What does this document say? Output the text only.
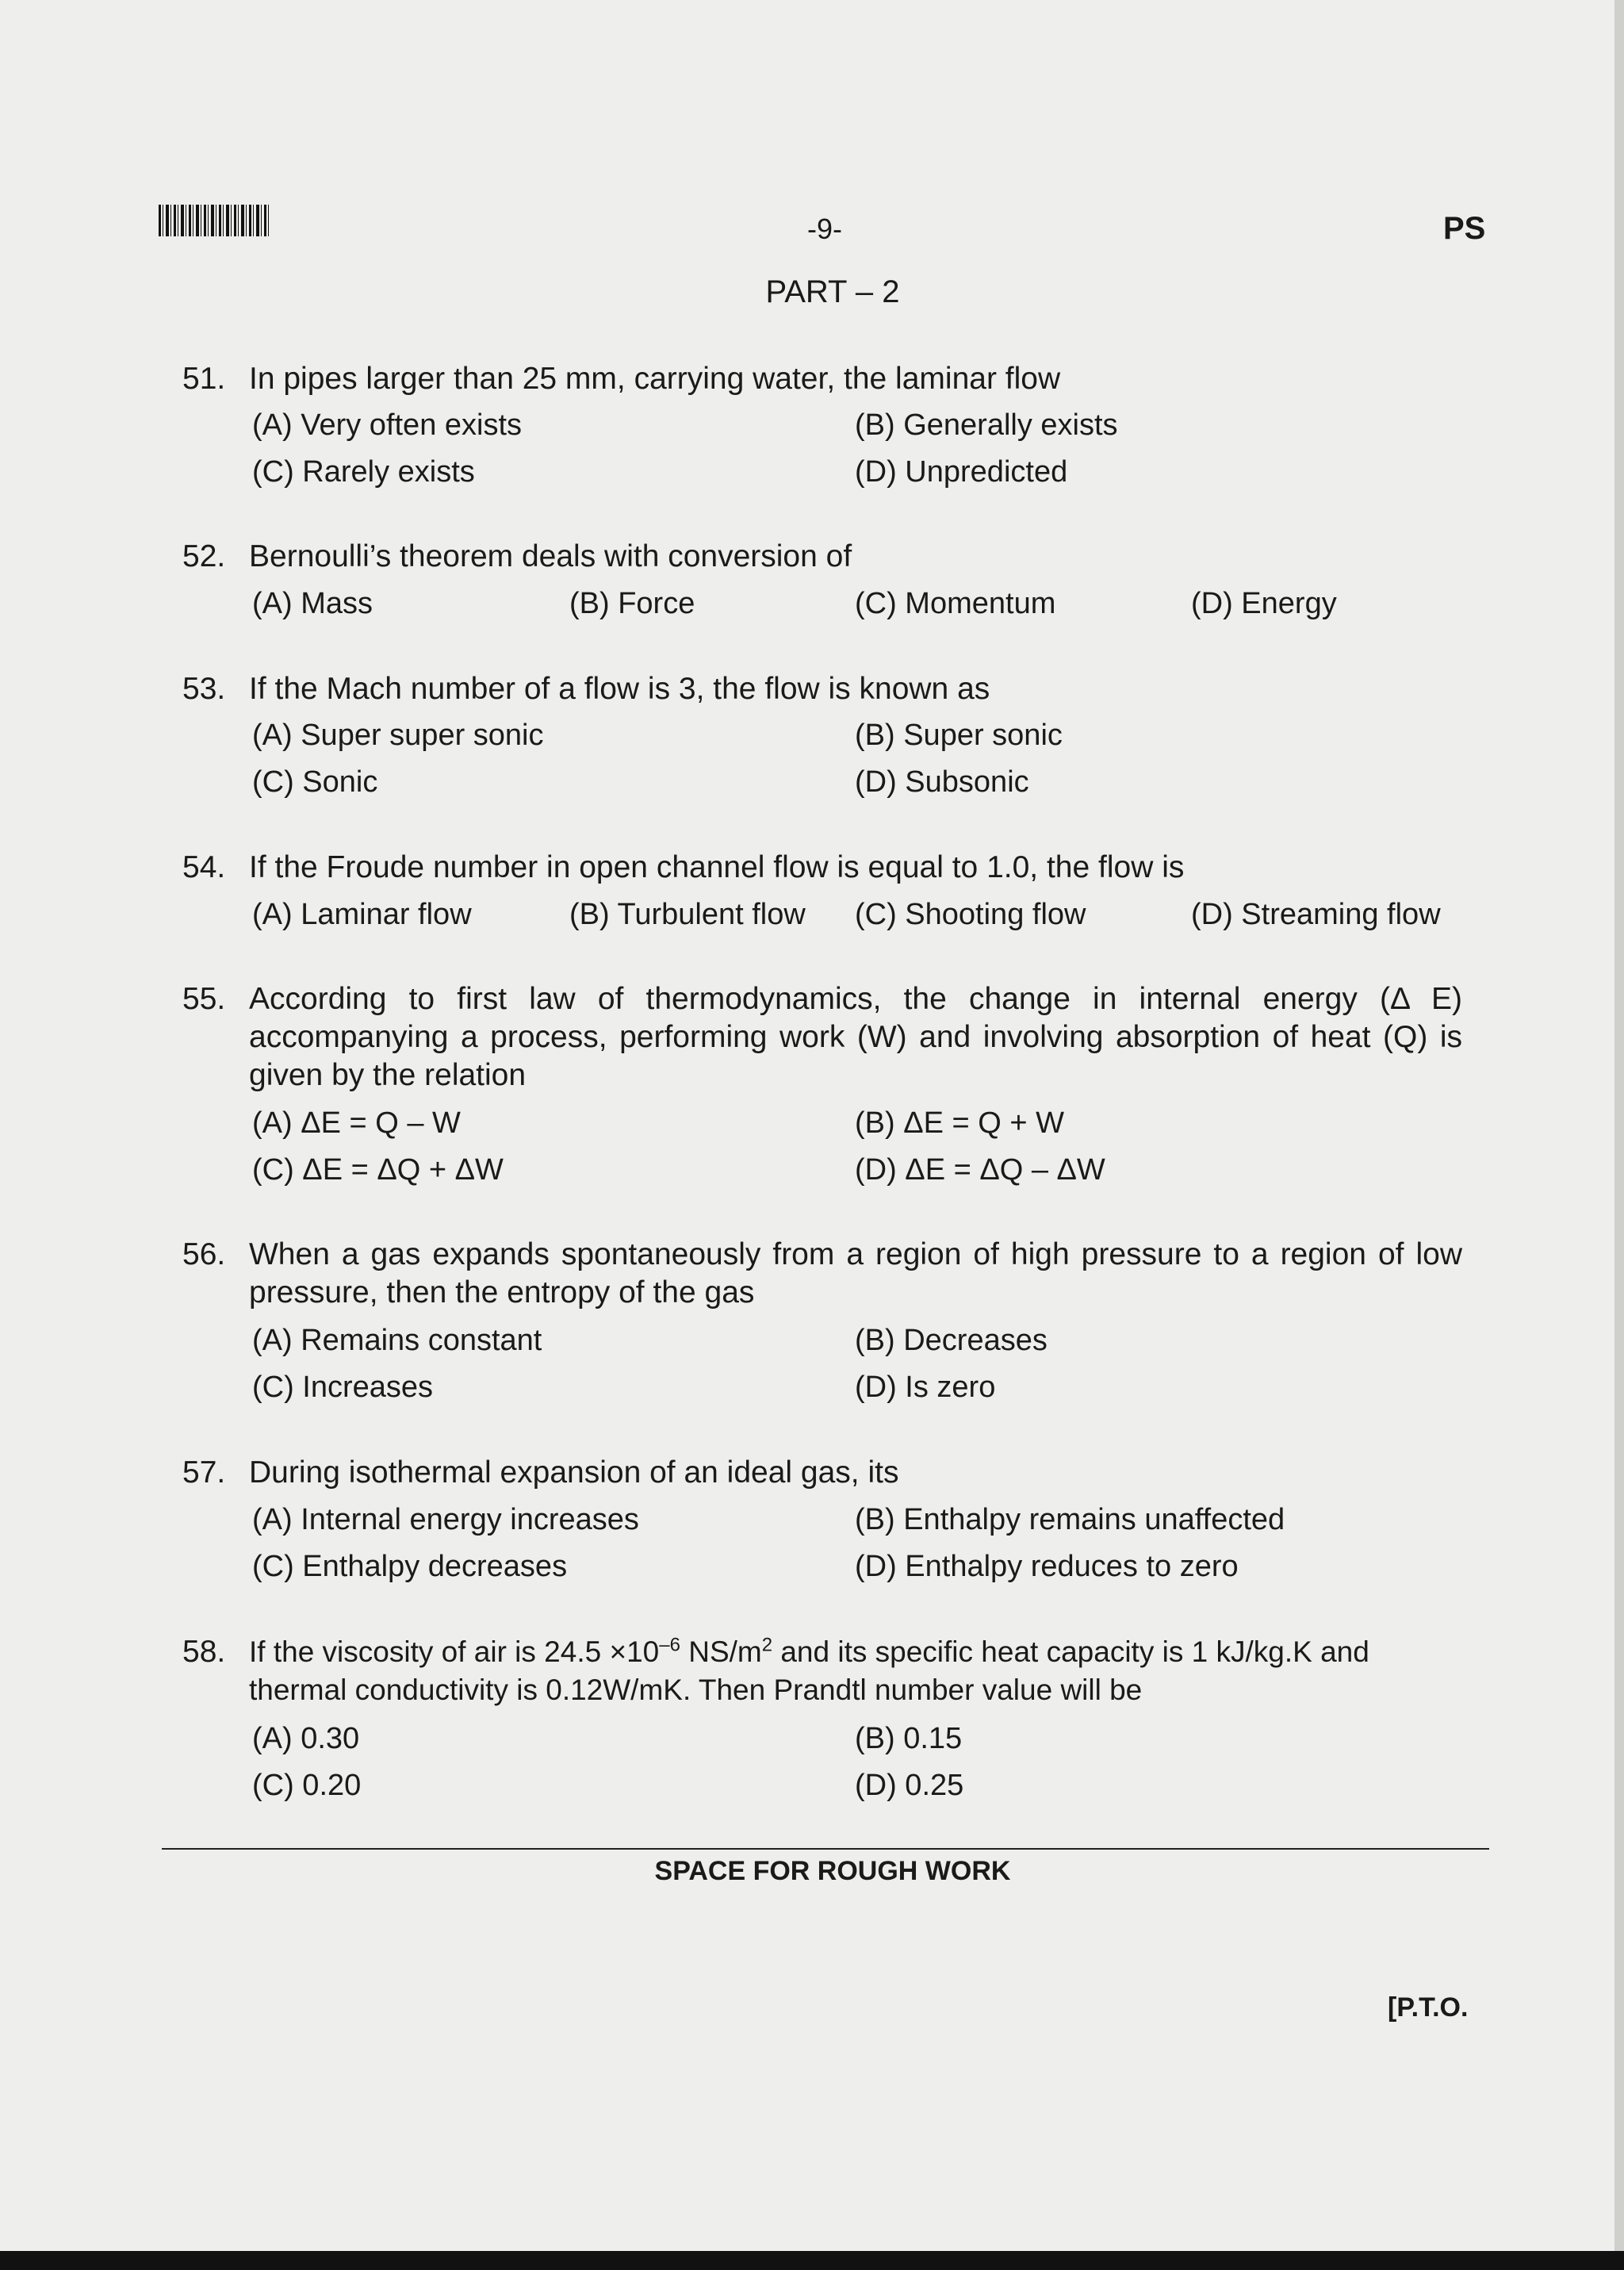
-9-	PS
PART – 2
51. In pipes larger than 25 mm, carrying water, the laminar flow
(A) Very often exists	(B) Generally exists
(C) Rarely exists	(D) Unpredicted
52. Bernoulli’s theorem deals with conversion of
(A) Mass	(B) Force	(C) Momentum	(D) Energy
53. If the Mach number of a flow is 3, the flow is known as
(A) Super super sonic	(B) Super sonic
(C) Sonic	(D) Subsonic
54. If the Froude number in open channel flow is equal to 1.0, the flow is
(A) Laminar flow	(B) Turbulent flow (C) Shooting flow	(D) Streaming flow
55. According to first law of thermodynamics, the change in internal energy (Δ E) accompanying a process, performing work (W) and involving absorption of heat (Q) is given by the relation
(A) ΔE = Q – W	(B) ΔE = Q + W
(C) ΔE = ΔQ + ΔW	(D) ΔE = ΔQ – ΔW
56. When a gas expands spontaneously from a region of high pressure to a region of low pressure, then the entropy of the gas
(A) Remains constant	(B) Decreases
(C) Increases	(D) Is zero
57. During isothermal expansion of an ideal gas, its
(A) Internal energy increases	(B) Enthalpy remains unaffected
(C) Enthalpy decreases	(D) Enthalpy reduces to zero
58. If the viscosity of air is $24.5 \times 10^{-6}$ $NS/m^2$ and its specific heat capacity is 1 kJ/kg.K and thermal conductivity is 0.12W/mK. Then Prandtl number value will be
(A) 0.30	(B) 0.15
(C) 0.20	(D) 0.25
SPACE FOR ROUGH WORK
[P.T.O.
